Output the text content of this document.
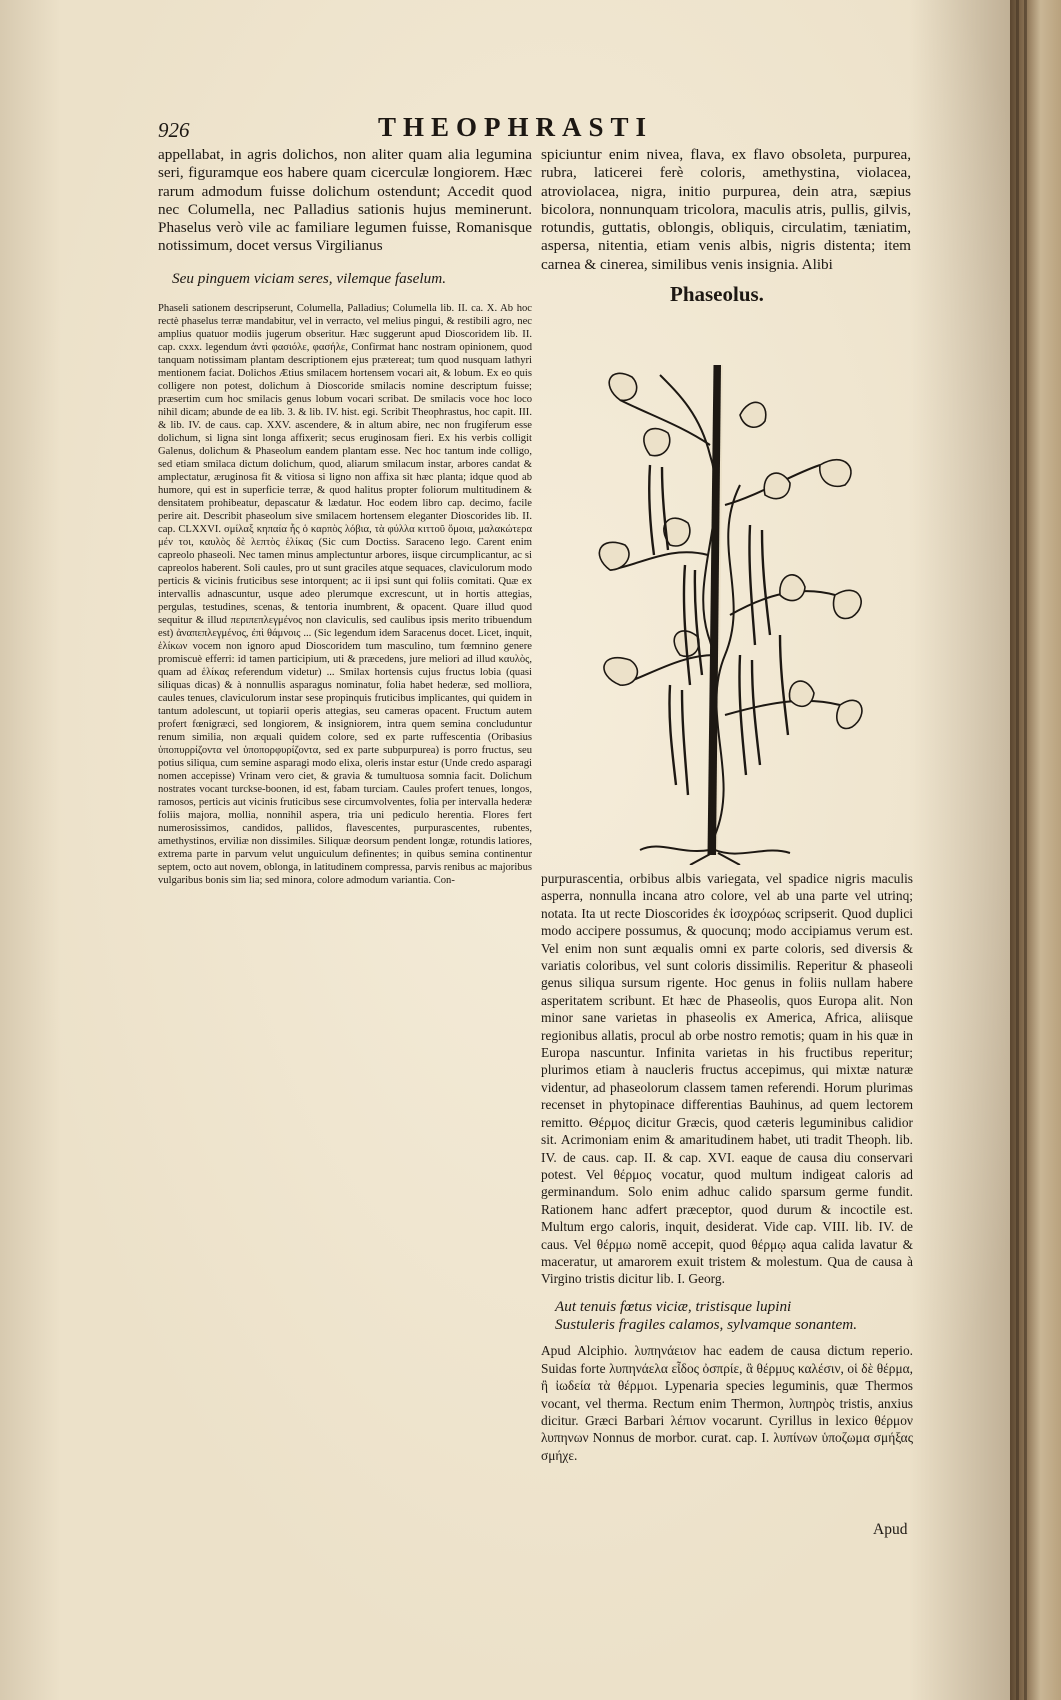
926	THEOPHRASTI

appellabat, in agris dolichos, non aliter quam alia legumina seri, figuramque eos habere quam cicerculæ longiorem. Hæc rarum admodum fuisse dolichum ostendunt; Accedit quod nec Columella, nec Palladius sationis hujus meminerunt. Phaselus verò vile ac familiare legumen fuisse, Romanisque notissimum, docet versus Virgilianus

Seu pinguem viciam seres, vilemque faselum.

Phaseli sationem descripserunt, Columella, Palladius; Columella lib. II. ca. X. Ab hoc rectè phaselus terræ mandabitur, vel in verracto, vel melius pingui, & restibili agro, nec amplius quatuor modiis jugerum obseritur. Hæc suggerunt apud Dioscoridem lib. II. cap. cxxx. legendum ἀντὶ φασιόλε, φασήλε, Confirmat hanc nostram opinionem, quod tanquam notissimam plantam descriptionem ejus prætereat; tum quod nusquam lathyri mentionem faciat. Dolichos Ætius smilacem hortensem vocari ait, & lobum. Ex eo quis colligere non potest, dolichum à Dioscoride smilacis nomine descriptum fuisse; præsertim cum hoc smilacis genus lobum vocari scribat. De smilacis voce hoc loco nihil dicam; abunde de ea lib. 3. & lib. IV. hist. egi. Scribit Theophrastus, hoc capit. III. & lib. IV. de caus. cap. XXV. ascendere, & in altum abire, nec non frugiferum esse dolichum, si ligna sint longa affixerit; secus eruginosam fieri. Ex his verbis colligit Galenus, dolichum & Phaseolum eandem plantam esse. Nec hoc tantum inde colligo, sed etiam smilaca dictum dolichum, quod, aliarum smilacum instar, arbores candat & amplectatur, æruginosa fit & vitiosa si ligno non affixa sit hæc planta; idque quod ab humore, qui est in superficie terræ, & quod halitus propter foliorum multitudinem & densitatem prohibeatur, depascatur & lædatur. Hoc eodem libro cap. decimo, facile perire ait. Describit phaseolum sive smilacem hortensem eleganter Dioscorides lib. II. cap. CLXXVI. σμίλαξ κηπαία ἧς ὁ καρπὸς λόβια, τὰ φύλλα κιττοῦ ὅμοια, μαλακώτερα μέν τοι, καυλὸς δὲ λεπτὸς ἑλίκας (Sic cum Doctiss. Saraceno lego. Carent enim capreolo phaseoli. Nec tamen minus amplectuntur arbores, iisque circumplicantur, ac si capreolos haberent. Soli caules, pro ut sunt graciles atque sequaces, claviculorum modo perticis & vicinis fruticibus sese intorquent; ac ii ipsi sunt qui foliis comitati. Quæ ex intervallis adnascuntur, usque adeo plerumque excrescunt, ut in hortis attegias, pergulas, testudines, scenas, & tentoria inumbrent, & opacent. Quare illud quod sequitur & illud περιπεπλεγμένος non claviculis, sed caulibus ipsis merito tribuendum est) ἀναπεπλεγμένος, ἐπὶ θάμνοις ... (Sic legendum idem Saracenus docet. Licet, inquit, ἑλίκων vocem non ignoro apud Dioscoridem tum masculino, tum fœmnino genere promiscuè efferri: id tamen participium, uti & præcedens, jure meliori ad illud καυλὸς, quam ad ἑλίκας referendum videtur) ... Smilax hortensis cujus fructus lobia (quasi siliquas dicas) & à nonnullis asparagus nominatur, folia habet hederæ, sed molliora, caules tenues, claviculorum instar sese propinquis fruticibus implicantes, qui quidem in tantum adolescunt, ut topiarii operis attegias, seu cameras opacent. Fructum autem profert fœnigræci, sed longiorem, & insigniorem, intra quem semina concluduntur renum similia, non æquali quidem colore, sed ex parte ruffescentia (Oribasius ὑποπυρρίζοντα vel ὑποπορφυρίζοντα, sed ex parte subpurpurea) is porro fructus, seu potius siliqua, cum semine asparagi modo elixa, oleris instar estur (Unde credo asparagi nomen accepisse) Vrinam vero ciet, & gravia & tumultuosa somnia facit. Dolichum nostrates vocant turckse-boonen, id est, fabam turciam. Caules profert tenues, longos, ramosos, perticis aut vicinis fruticibus sese circumvolventes, folia per intervalla hederæ foliis majora, mollia, nonnihil aspera, tria uni pediculo herentia. Flores fert numerosissimos, candidos, pallidos, flavescentes, purpurascentes, rubentes, amethystinos, erviliæ non dissimiles. Siliquæ deorsum pendent longæ, rotundis latiores, extrema parte in parvum velut unguiculum definentes; in quibus semina continentur septem, octo aut novem, oblonga, in latitudinem compressa, parvis renibus ac majoribus vulgaribus bonis sim lia; sed minora, colore admodum variantia. Con-

spiciuntur enim nivea, flava, ex flavo obsoleta, purpurea, rubra, laticerei ferè coloris, amethystina, violacea, atroviolacea, nigra, initio purpurea, dein atra, sæpius bicolora, nonnunquam tricolora, maculis atris, pullis, gilvis, rotundis, guttatis, oblongis, obliquis, circulatim, tæniatim, aspersa, nitentia, etiam venis albis, nigris distenta; item carnea & cinerea, similibus venis insignia. Alibi

Phaseolus.

purpurascentia, orbibus albis variegata, vel spadice nigris maculis asperra, nonnulla incana atro colore, vel ab una parte vel utrinq; notata. Ita ut recte Dioscorides ἐκ ἰσοχρόως scripserit. Quod duplici modo accipere possumus, & quocunq; modo accipiamus verum est. Vel enim non sunt æqualis omni ex parte coloris, sed diversis & variatis coloribus, vel sunt coloris dissimilis. Reperitur & phaseoli genus siliqua sursum rigente. Hoc genus in foliis nullam habere asperitatem scribunt. Et hæc de Phaseolis, quos Europa alit. Non minor sane varietas in phaseolis ex America, Africa, aliisque regionibus allatis, procul ab orbe nostro remotis; quam in his quæ in Europa nascuntur. Infinita varietas in his fructibus reperitur; plurimos etiam à naucleris fructus accepimus, qui mixtæ naturæ videntur, ad phaseolorum classem tamen referendi. Horum plurimas recenset in phytopinace differentias Bauhinus, ad quem lectorem remitto. Θέρμος dicitur Græcis, quod cæteris leguminibus calidior sit. Acrimoniam enim & amaritudinem habet, uti tradit Theoph. lib. IV. de caus. cap. II. & cap. XVI. eaque de causa diu conservari potest. Vel θέρμος vocatur, quod multum indigeat caloris ad germinandum. Solo enim adhuc calido sparsum germe fundit. Rationem hanc adfert præceptor, quod durum & incoctile est. Multum ergo caloris, inquit, desiderat. Vide cap. VIII. lib. IV. de caus. Vel θέρμω nomē accepit, quod θέρμῳ aqua calida lavatur & maceratur, ut amarorem exuit tristem & molestum. Qua de causa à Virgino tristis dicitur lib. I. Georg.

Aut tenuis fœtus viciæ, tristisque lupini

Sustuleris fragiles calamos, sylvamque sonantem.

Apud Alciphio. λυπηνάειον hac eadem de causa dictum reperio. Suidas forte λυπηνάελα εἶδος ὀσπρίε, ἃ θέρμυς καλέσιν, οἱ δὲ θέρμα, ἢ ἰωδεία τὰ θέρμοι. Lypenaria species leguminis, quæ Thermos vocant, vel therma. Rectum enim Thermon, λυπηρὸς tristis, anxius dicitur. Græci Barbari λέπιον vocarunt. Cyrillus in lexico θέρμον λυπηνων Nonnus de morbor. curat. cap. I. λυπίνων ὑποζωμα σμήξας σμήχε.

Apud
